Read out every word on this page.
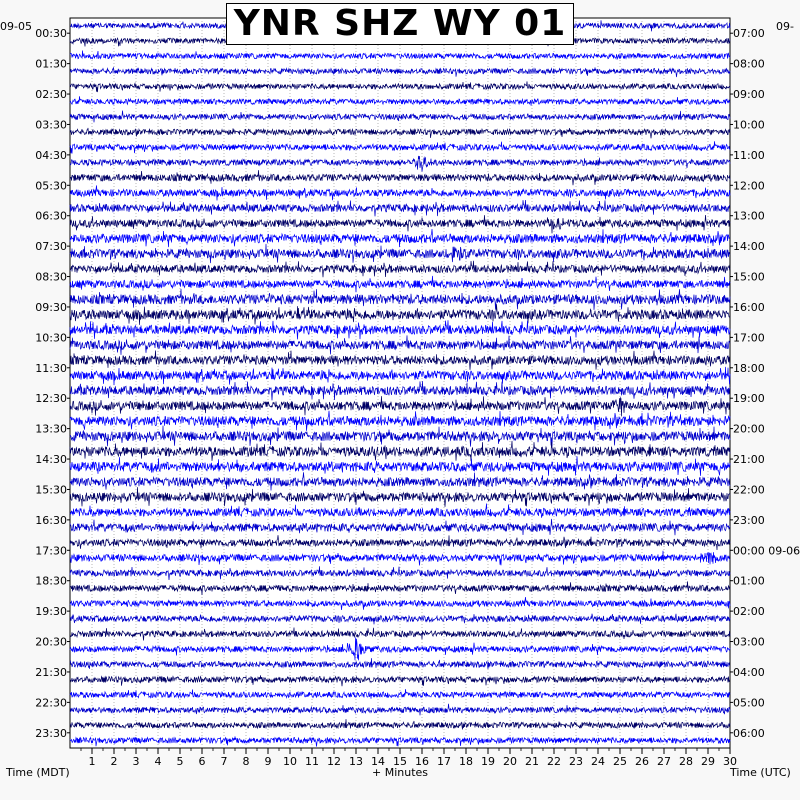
1 2 3 4 5 6 7 8 9 10 11 12 13 14 15 16 17 18 19 20 21 22 23 24 25 26 27 28 29 30
00:30	07:00
01:30	08:00
02:30	09:00
03:30	10:00
04:30	11:00
05:30	12:00
06:30	13:00
07:30	14:00
08:30	15:00
09:30	16:00
10:30	17:00
11:30	18:00
12:30	19:00
13:30	20:00
14:30	21:00
15:30	22:00
16:30	23:00
17:30	00:00 09-06
18:30	01:00
19:30	02:00
20:30	03:00
21:30	04:00
22:30	05:00
23:30	06:00
YNR SHZ WY 01
09-05	09-
Time (MDT)	+ Minutes	Time (UTC)
